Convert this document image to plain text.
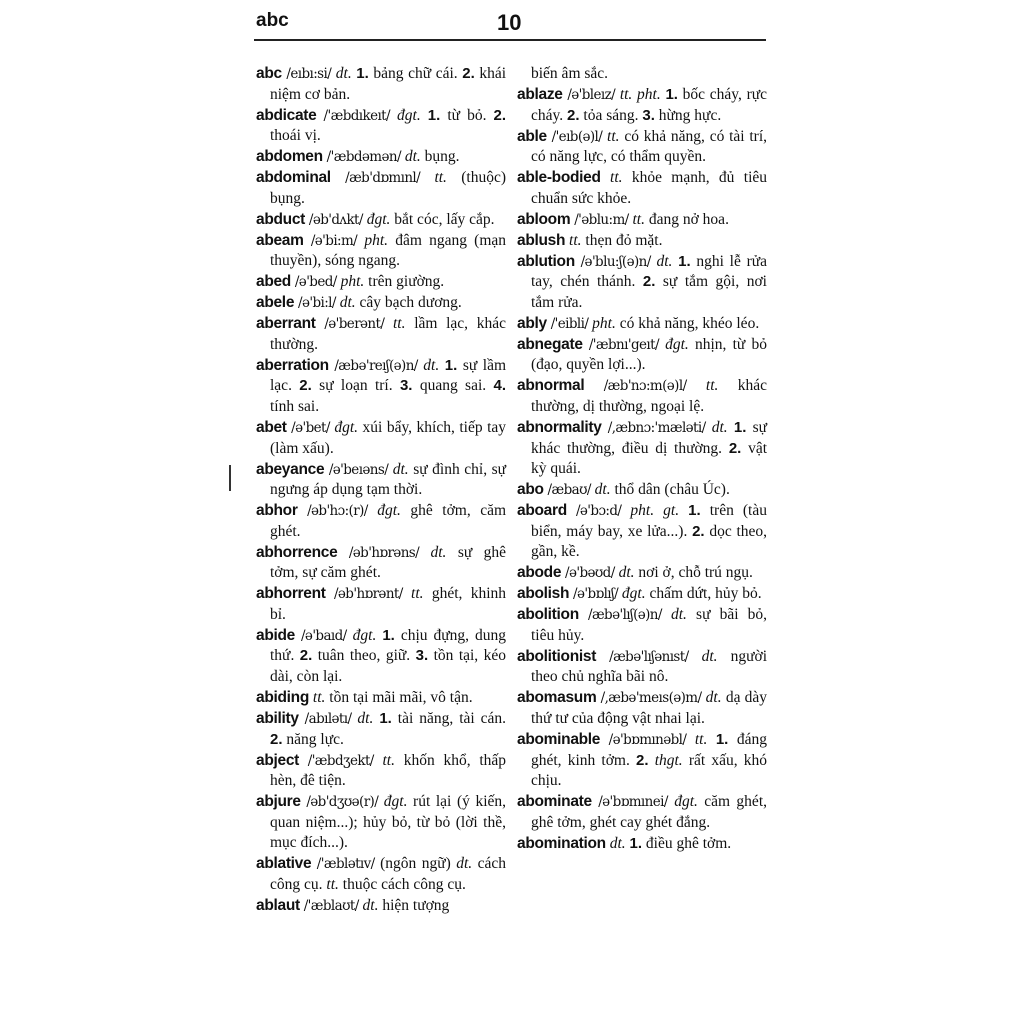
abc	10
abc /eıbı:si/ dt. 1. bảng chữ cái. 2. khái niệm cơ bản.
abdicate /'æbdıkeıt/ đgt. 1. từ bỏ. 2. thoái vị.
abdomen /'æbdəmən/ dt. bụng.
abdominal /æb'dɒmınl/ tt. (thuộc) bụng.
abduct /əb'dʌkt/ đgt. bắt cóc, lấy cắp.
abeam /ə'bi:m/ pht. đâm ngang (mạn thuyền), sóng ngang.
abed /ə'bed/ pht. trên giường.
abele /ə'bi:l/ dt. cây bạch dương.
aberrant /ə'berənt/ tt. lầm lạc, khác thường.
aberration /æbə'reıʃ(ə)n/ dt. 1. sự lầm lạc. 2. sự loạn trí. 3. quang sai. 4. tính sai.
abet /ə'bet/ đgt. xúi bẩy, khích, tiếp tay (làm xấu).
abeyance /ə'beıəns/ dt. sự đình chỉ, sự ngưng áp dụng tạm thời.
abhor /əb'hɔ:(r)/ đgt. ghê tởm, căm ghét.
abhorrence /əb'hɒrəns/ dt. sự ghê tởm, sự căm ghét.
abhorrent /əb'hɒrənt/ tt. ghét, khinh bỉ.
abide /ə'baıd/ đgt. 1. chịu đựng, dung thứ. 2. tuân theo, giữ. 3. tồn tại, kéo dài, còn lại.
abiding tt. tồn tại mãi mãi, vô tận.
ability /abılətı/ dt. 1. tài năng, tài cán. 2. năng lực.
abject /'æbdʒekt/ tt. khốn khổ, thấp hèn, đê tiện.
abjure /əb'dʒʊə(r)/ đgt. rút lại (ý kiến, quan niệm...); hủy bỏ, từ bỏ (lời thề, mục đích...).
ablative /'æblətıv/ (ngôn ngữ) dt. cách công cụ. tt. thuộc cách công cụ.
ablaut /'æblaʊt/ dt. hiện tượng
biến âm sắc.
ablaze /ə'bleız/ tt. pht. 1. bốc cháy, rực cháy. 2. tỏa sáng. 3. hừng hực.
able /'eıb(ə)l/ tt. có khả năng, có tài trí, có năng lực, có thẩm quyền.
able-bodied tt. khỏe mạnh, đủ tiêu chuẩn sức khỏe.
abloom /'əblu:m/ tt. đang nở hoa.
ablush tt. thẹn đỏ mặt.
ablution /ə'blu:ʃ(ə)n/ dt. 1. nghi lễ rửa tay, chén thánh. 2. sự tắm gội, nơi tắm rửa.
ably /'eibli/ pht. có khả năng, khéo léo.
abnegate /'æbnı'geıt/ đgt. nhịn, từ bỏ (đạo, quyền lợi...).
abnormal /æb'nɔ:m(ə)l/ tt. khác thường, dị thường, ngoại lệ.
abnormality /,æbnɔ:'mæləti/ dt. 1. sự khác thường, điều dị thường. 2. vật kỳ quái.
abo /æbaʊ/ dt. thổ dân (châu Úc).
aboard /ə'bɔ:d/ pht. gt. 1. trên (tàu biển, máy bay, xe lửa...). 2. dọc theo, gần, kề.
abode /ə'bəʊd/ dt. nơi ở, chỗ trú ngụ.
abolish /ə'bɒlıʃ/ đgt. chấm dứt, hủy bỏ.
abolition /æbə'lıʃ(ə)n/ dt. sự bãi bỏ, tiêu hủy.
abolitionist /æbə'lıʃənıst/ dt. người theo chủ nghĩa bãi nô.
abomasum /,æbə'meıs(ə)m/ dt. dạ dày thứ tư của động vật nhai lại.
abominable /ə'bɒmınəbl/ tt. 1. đáng ghét, kinh tởm. 2. thgt. rất xấu, khó chịu.
abominate /ə'bɒmınei/ đgt. căm ghét, ghê tởm, ghét cay ghét đắng.
abomination dt. 1. điều ghê tởm.
